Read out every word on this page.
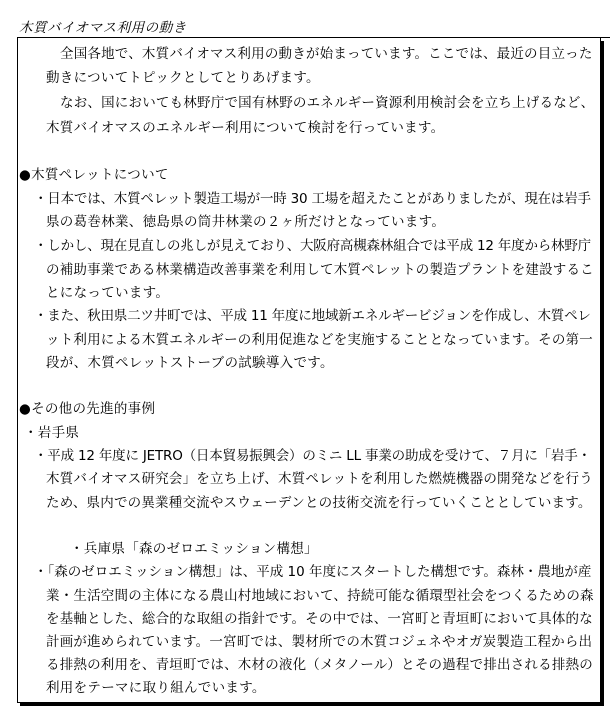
木質バイオマス利用の動き
全国各地で、木質バイオマス利用の動きが始まっています。ここでは、最近の目立った
動きについてトピックとしてとりあげます。
なお、国においても林野庁で国有林野のエネルギー資源利用検討会を立ち上げるなど、
木質バイオマスのエネルギー利用について検討を行っています。
●木質ペレットについて
・日本では、木質ペレット製造工場が一時 30 工場を超えたことがありましたが、現在は岩手
県の葛巻林業、徳島県の筒井林業の２ヶ所だけとなっています。
・しかし、現在見直しの兆しが見えており、大阪府高槻森林組合では平成 12 年度から林野庁
の補助事業である林業構造改善事業を利用して木質ペレットの製造プラントを建設するこ
とになっています。
・また、秋田県二ツ井町では、平成 11 年度に地域新エネルギービジョンを作成し、木質ペレ
ット利用による木質エネルギーの利用促進などを実施することとなっています。その第一
段が、木質ペレットストーブの試験導入です。
●その他の先進的事例
・岩手県
・平成 12 年度に JETRO（日本貿易振興会）のミニ LL 事業の助成を受けて、７月に「岩手・
木質バイオマス研究会」を立ち上げ、木質ペレットを利用した燃焼機器の開発などを行う
ため、県内での異業種交流やスウェーデンとの技術交流を行っていくこととしています。
・兵庫県「森のゼロエミッション構想」
・「森のゼロエミッション構想」は、平成 10 年度にスタートした構想です。森林・農地が産
業・生活空間の主体になる農山村地域において、持続可能な循環型社会をつくるための森
を基軸とした、総合的な取組の指針です。その中では、一宮町と青垣町において具体的な
計画が進められています。一宮町では、製材所での木質コジェネやオガ炭製造工程から出
る排熱の利用を、青垣町では、木材の液化（メタノール）とその過程で排出される排熱の
利用をテーマに取り組んでいます。
